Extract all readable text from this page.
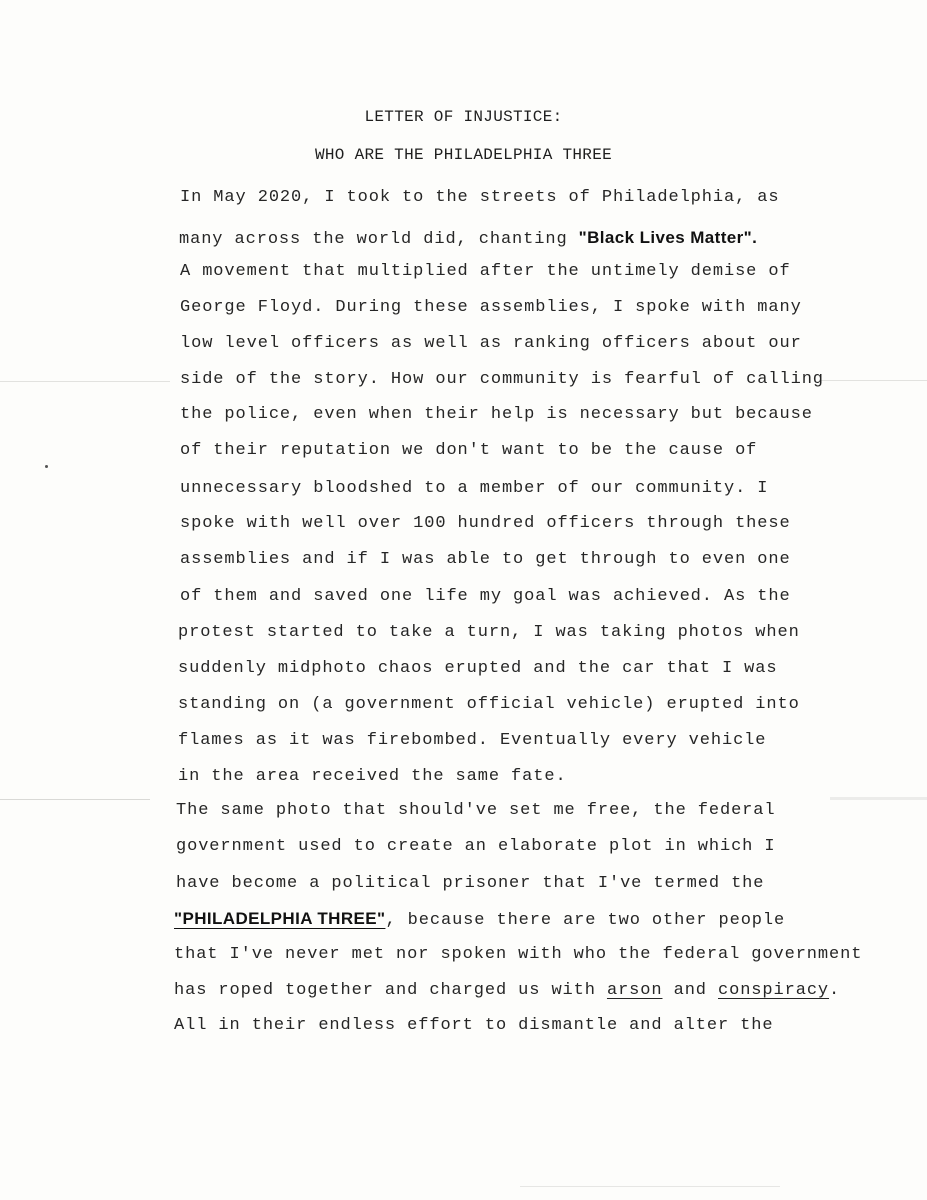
LETTER OF INJUSTICE:
WHO ARE THE PHILADELPHIA THREE
In May 2020, I took to the streets of Philadelphia, as
many across the world did, chanting "Black Lives Matter".
A movement that multiplied after the untimely demise of
George Floyd. During these assemblies, I spoke with many
low level officers as well as ranking officers about our
side of the story. How our community is fearful of calling
the police, even when their help is necessary but because
of their reputation we don't want to be the cause of
unnecessary bloodshed to a member of our community. I
spoke with well over 100 hundred officers through these
assemblies and if I was able to get through to even one
of them and saved one life my goal was achieved. As the
protest started to take a turn, I was taking photos when
suddenly midphoto chaos erupted and the car that I was
standing on (a government official vehicle) erupted into
flames as it was firebombed. Eventually every vehicle
in the area received the same fate.
The same photo that should've set me free, the federal
government used to create an elaborate plot in which I
have become a political prisoner that I've termed the
"PHILADELPHIA THREE", because there are two other people
that I've never met nor spoken with who the federal government
has roped together and charged us with arson and conspiracy.
All in their endless effort to dismantle and alter the
